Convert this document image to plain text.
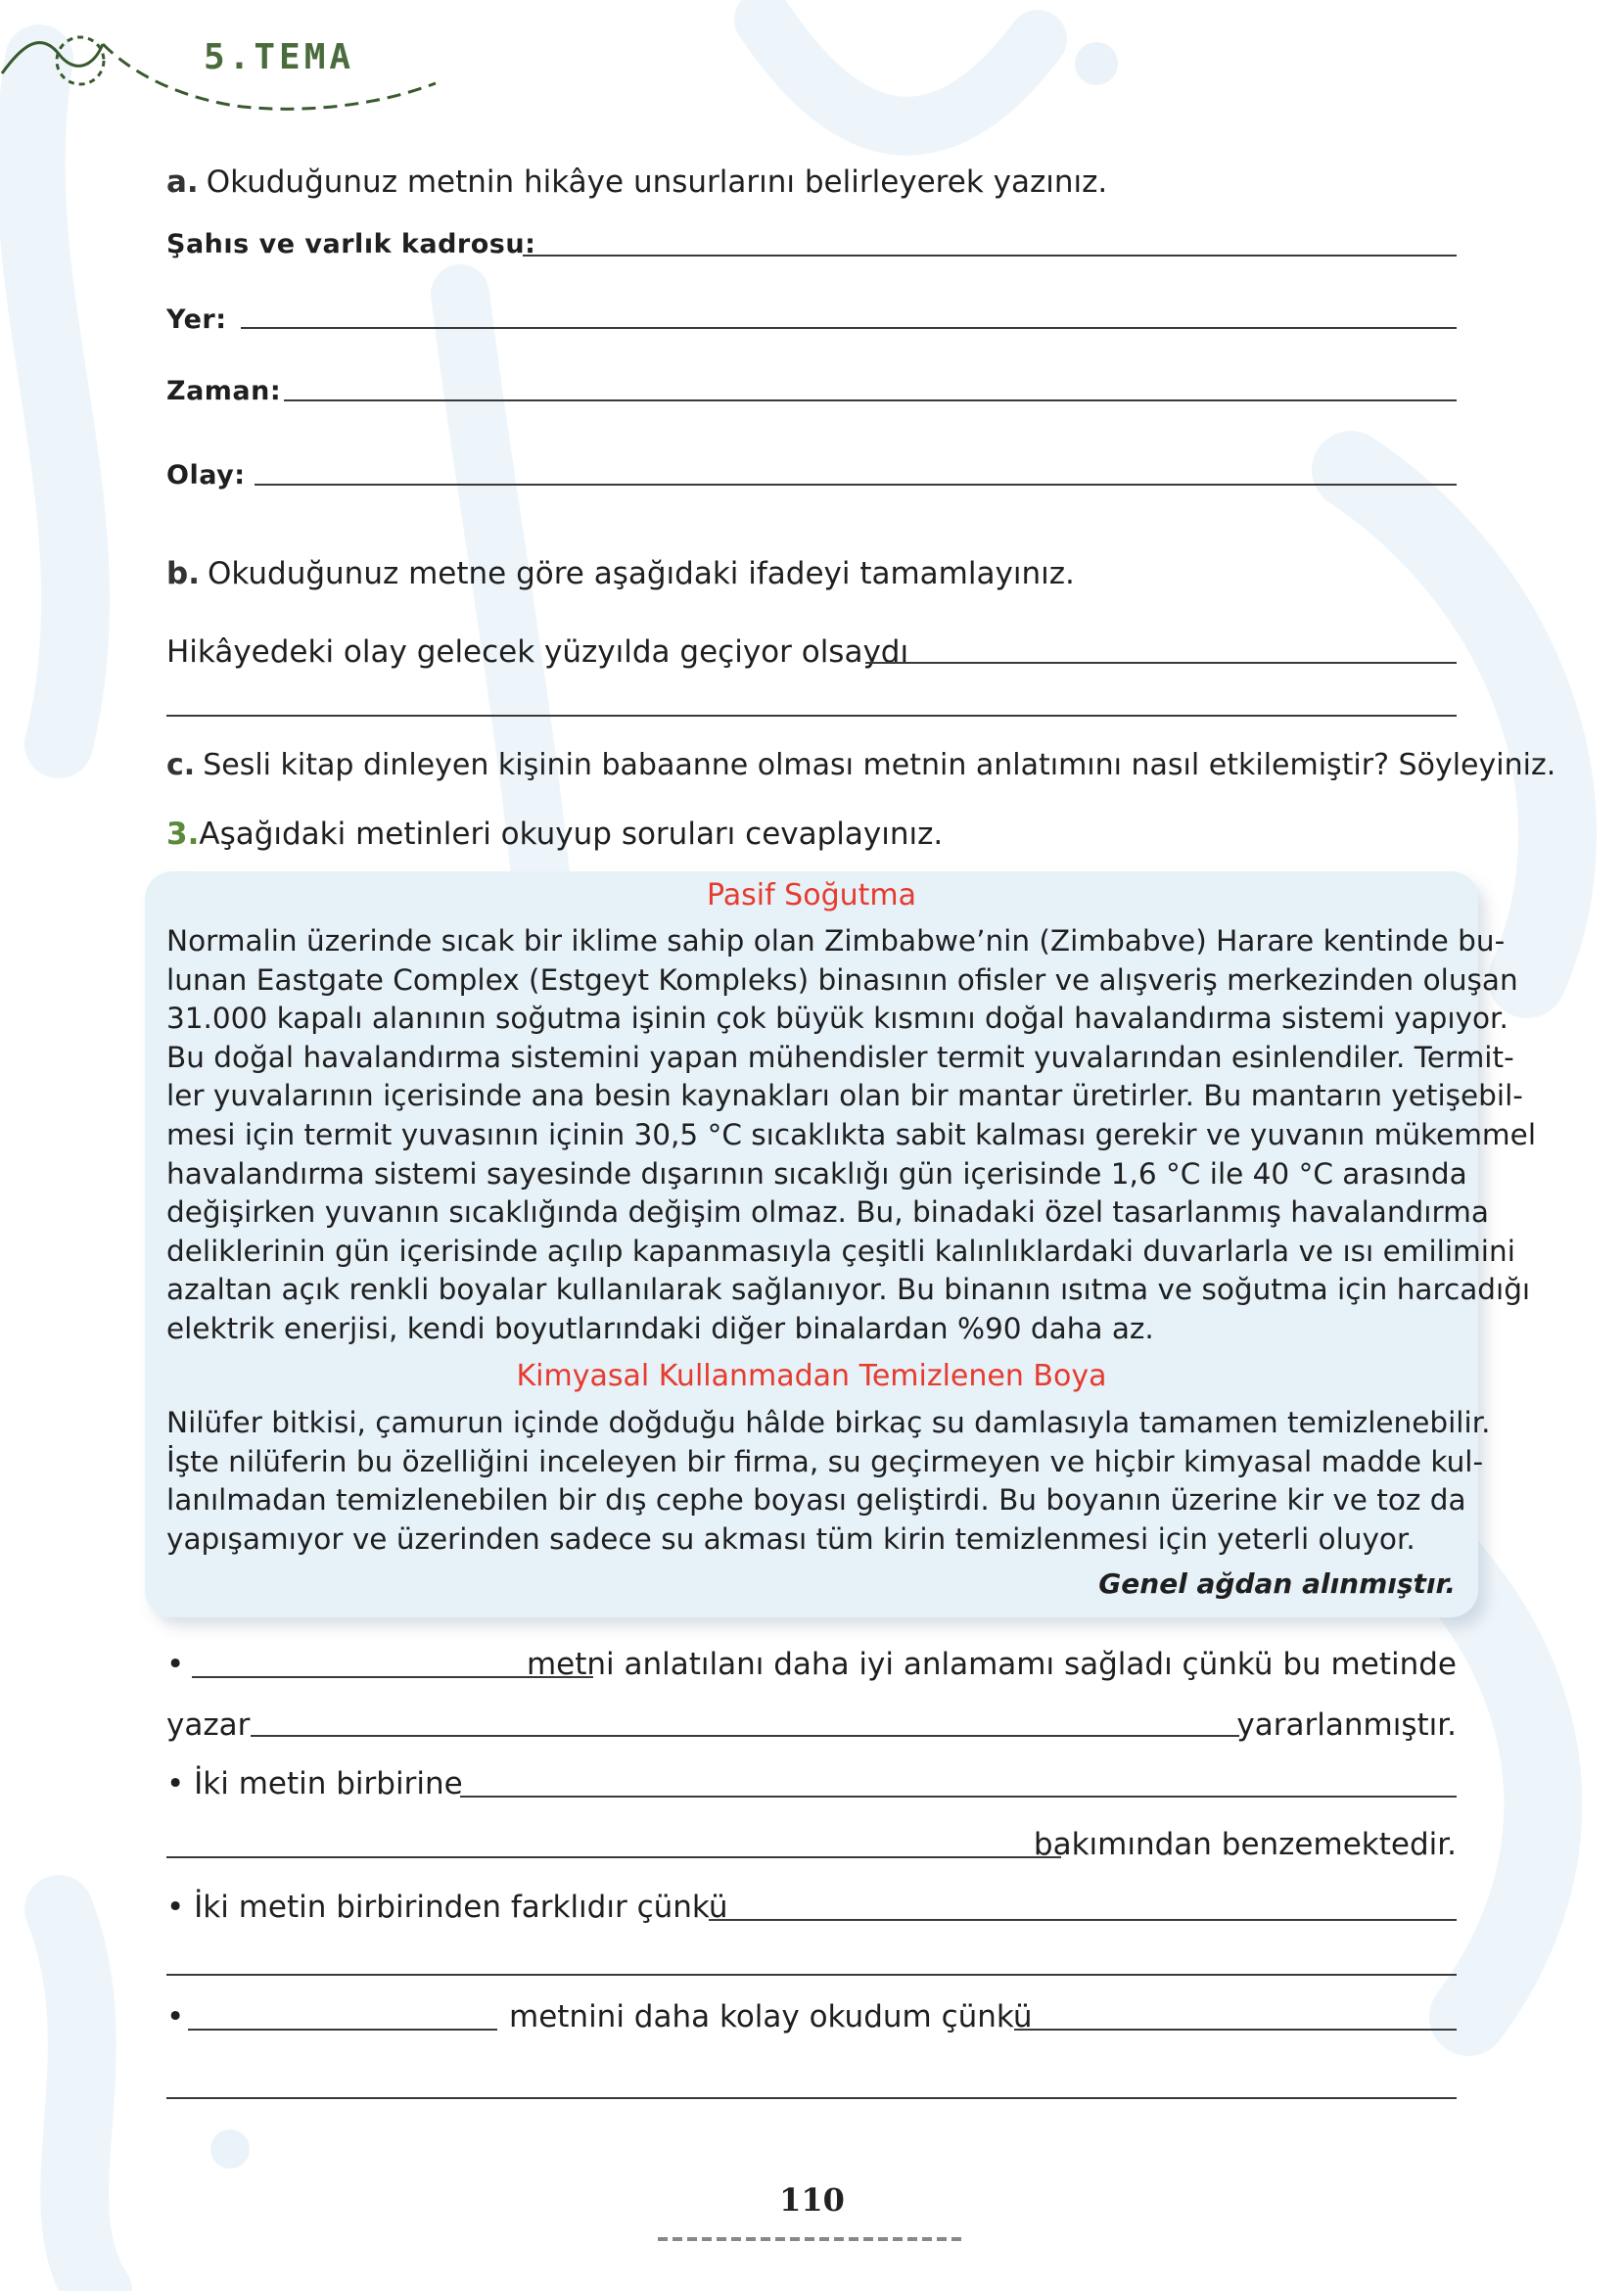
5.TEMA
a. Okuduğunuz metnin hikâye unsurlarını belirleyerek yazınız.
Şahıs ve varlık kadrosu:
Yer:
Zaman:
Olay:
b. Okuduğunuz metne göre aşağıdaki ifadeyi tamamlayınız.
Hikâyedeki olay gelecek yüzyılda geçiyor olsaydı
c. Sesli kitap dinleyen kişinin babaanne olması metnin anlatımını nasıl etkilemiştir? Söyleyiniz.
3.Aşağıdaki metinleri okuyup soruları cevaplayınız.
Pasif Soğutma
Normalin üzerinde sıcak bir iklime sahip olan Zimbabwe’nin (Zimbabve) Harare kentinde bu-
lunan Eastgate Complex (Estgeyt Kompleks) binasının ofisler ve alışveriş merkezinden oluşan
31.000 kapalı alanının soğutma işinin çok büyük kısmını doğal havalandırma sistemi yapıyor.
Bu doğal havalandırma sistemini yapan mühendisler termit yuvalarından esinlendiler. Termit-
ler yuvalarının içerisinde ana besin kaynakları olan bir mantar üretirler. Bu mantarın yetişebil-
mesi için termit yuvasının içinin 30,5 °C sıcaklıkta sabit kalması gerekir ve yuvanın mükemmel
havalandırma sistemi sayesinde dışarının sıcaklığı gün içerisinde 1,6 °C ile 40 °C arasında
değişirken yuvanın sıcaklığında değişim olmaz. Bu, binadaki özel tasarlanmış havalandırma
deliklerinin gün içerisinde açılıp kapanmasıyla çeşitli kalınlıklardaki duvarlarla ve ısı emilimini
azaltan açık renkli boyalar kullanılarak sağlanıyor. Bu binanın ısıtma ve soğutma için harcadığı
elektrik enerjisi, kendi boyutlarındaki diğer binalardan %90 daha az.
Kimyasal Kullanmadan Temizlenen Boya
Nilüfer bitkisi, çamurun içinde doğduğu hâlde birkaç su damlasıyla tamamen temizlenebilir.
İşte nilüferin bu özelliğini inceleyen bir firma, su geçirmeyen ve hiçbir kimyasal madde kul-
lanılmadan temizlenebilen bir dış cephe boyası geliştirdi. Bu boyanın üzerine kir ve toz da
yapışamıyor ve üzerinden sadece su akması tüm kirin temizlenmesi için yeterli oluyor.
Genel ağdan alınmıştır.
•	metni anlatılanı daha iyi anlamamı sağladı çünkü bu metinde
yazar	yararlanmıştır.
• İki metin birbirine
bakımından benzemektedir.
• İki metin birbirinden farklıdır çünkü
•	metnini daha kolay okudum çünkü
110
